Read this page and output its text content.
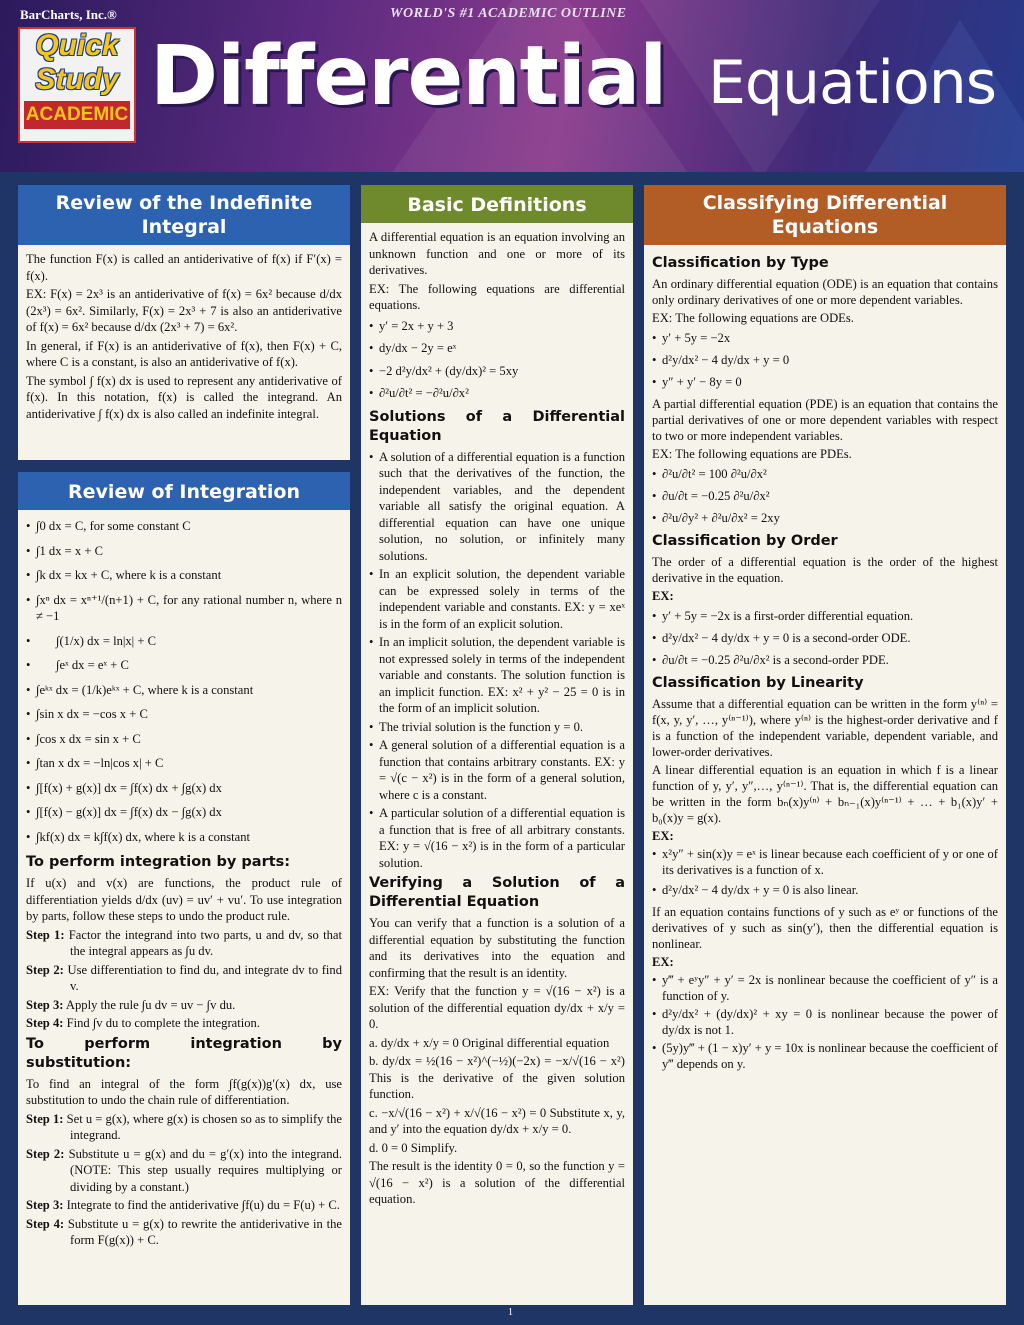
BarCharts, Inc.®	WORLD'S #1 ACADEMIC OUTLINE
Quick
Study
ACADEMIC Differential Equations
Review of the Indefinite Integral

The function F(x) is called an antiderivative of f(x) if F′(x) = f(x).

EX: F(x) = 2x³ is an antiderivative of f(x) = 6x² because d/dx (2x³) = 6x². Similarly, F(x) = 2x³ + 7 is also an antiderivative of f(x) = 6x² because d/dx (2x³ + 7) = 6x².

In general, if F(x) is an antiderivative of f(x), then F(x) + C, where C is a constant, is also an antiderivative of f(x).

The symbol ∫ f(x) dx is used to represent any antiderivative of f(x). In this notation, f(x) is called the integrand. An antiderivative ∫ f(x) dx is also called an indefinite integral.

Review of Integration
• ∫0 dx = C, for some constant C
• ∫1 dx = x + C
• ∫k dx = kx + C, where k is a constant
• ∫xⁿ dx = xⁿ⁺¹/(n+1) + C, for any rational number n, where n ≠ −1
• ∫(1/x) dx = ln|x| + C
• ∫eˣ dx = eˣ + C
• ∫eᵏˣ dx = (1/k)eᵏˣ + C, where k is a constant
• ∫sin x dx = −cos x + C
• ∫cos x dx = sin x + C
• ∫tan x dx = −ln|cos x| + C
• ∫[f(x) + g(x)] dx = ∫f(x) dx + ∫g(x) dx
• ∫[f(x) − g(x)] dx = ∫f(x) dx − ∫g(x) dx
• ∫kf(x) dx = k∫f(x) dx, where k is a constant
To perform integration by parts:

If u(x) and v(x) are functions, the product rule of differentiation yields d/dx (uv) = uv′ + vu′. To use integration by parts, follow these steps to undo the product rule.

Step 1: Factor the integrand into two parts, u and dv, so that the integral appears as ∫u dv.
Step 2: Use differentiation to find du, and integrate dv to find v.
Step 3: Apply the rule ∫u dv = uv − ∫v du.
Step 4: Find ∫v du to complete the integration.
To perform integration by substitution:

To find an integral of the form ∫f(g(x))g′(x) dx, use substitution to undo the chain rule of differentiation.

Step 1: Set u = g(x), where g(x) is chosen so as to simplify the integrand.
Step 2: Substitute u = g(x) and du = g′(x) into the integrand. (NOTE: This step usually requires multiplying or dividing by a constant.)
Step 3: Integrate to find the antiderivative ∫f(u) du = F(u) + C.
Step 4: Substitute u = g(x) to rewrite the antiderivative in the form F(g(x)) + C.
Basic Definitions

A differential equation is an equation involving an unknown function and one or more of its derivatives.

EX: The following equations are differential equations.

• y′ = 2x + y + 3
• dy/dx − 2y = eˣ
• −2 d²y/dx² + (dy/dx)² = 5xy
• ∂²u/∂t² = −∂²u/∂x²
Solutions of a Differential Equation
• A solution of a differential equation is a function such that the derivatives of the function, the independent variables, and the dependent variable all satisfy the original equation. A differential equation can have one unique solution, no solution, or infinitely many solutions.
• In an explicit solution, the dependent variable can be expressed solely in terms of the independent variable and constants. EX: y = xeˣ is in the form of an explicit solution.
• In an implicit solution, the dependent variable is not expressed solely in terms of the independent variable and constants. The solution function is an implicit function. EX: x² + y² − 25 = 0 is in the form of an implicit solution.
• The trivial solution is the function y = 0.
• A general solution of a differential equation is a function that contains arbitrary constants. EX: y = √(c − x²) is in the form of a general solution, where c is a constant.
• A particular solution of a differential equation is a function that is free of all arbitrary constants. EX: y = √(16 − x²) is in the form of a particular solution.
Verifying a Solution of a Differential Equation

You can verify that a function is a solution of a differential equation by substituting the function and its derivatives into the equation and confirming that the result is an identity.

EX: Verify that the function y = √(16 − x²) is a solution of the differential equation dy/dx + x/y = 0.

a. dy/dx + x/y = 0 Original differential equation

b. dy/dx = ½(16 − x²)^(−½)(−2x) = −x/√(16 − x²) This is the derivative of the given solution function.

c. −x/√(16 − x²) + x/√(16 − x²) = 0 Substitute x, y, and y′ into the equation dy/dx + x/y = 0.

d. 0 = 0 Simplify.

The result is the identity 0 = 0, so the function y = √(16 − x²) is a solution of the differential equation.

Classifying Differential Equations
Classification by Type

An ordinary differential equation (ODE) is an equation that contains only ordinary derivatives of one or more dependent variables.

EX: The following equations are ODEs.

• y′ + 5y = −2x
• d²y/dx² − 4 dy/dx + y = 0
• y″ + y′ − 8y = 0

A partial differential equation (PDE) is an equation that contains the partial derivatives of one or more dependent variables with respect to two or more independent variables.

EX: The following equations are PDEs.

• ∂²u/∂t² = 100 ∂²u/∂x²
• ∂u/∂t = −0.25 ∂²u/∂x²
• ∂²u/∂y² + ∂²u/∂x² = 2xy
Classification by Order

The order of a differential equation is the order of the highest derivative in the equation.

EX:

• y′ + 5y = −2x is a first-order differential equation.
• d²y/dx² − 4 dy/dx + y = 0 is a second-order ODE.
• ∂u/∂t = −0.25 ∂²u/∂x² is a second-order PDE.
Classification by Linearity

Assume that a differential equation can be written in the form y⁽ⁿ⁾ = f(x, y, y′, …, y⁽ⁿ⁻¹⁾), where y⁽ⁿ⁾ is the highest-order derivative and f is a function of the independent variable, dependent variable, and lower-order derivatives.

A linear differential equation is an equation in which f is a linear function of y, y′, y″,…, y⁽ⁿ⁻¹⁾. That is, the differential equation can be written in the form bₙ(x)y⁽ⁿ⁾ + bₙ₋₁(x)y⁽ⁿ⁻¹⁾ + … + b₁(x)y′ + b₀(x)y = g(x).

EX:

• x²y″ + sin(x)y = eˣ is linear because each coefficient of y or one of its derivatives is a function of x.
• d²y/dx² − 4 dy/dx + y = 0 is also linear.

If an equation contains functions of y such as eʸ or functions of the derivatives of y such as sin(y′), then the differential equation is nonlinear.

EX:

• y‴ + eʸy″ + y′ = 2x is nonlinear because the coefficient of y″ is a function of y.
• d²y/dx² + (dy/dx)² + xy = 0 is nonlinear because the power of dy/dx is not 1.
• (5y)y‴ + (1 − x)y′ + y = 10x is nonlinear because the coefficient of y‴ depends on y.
1
